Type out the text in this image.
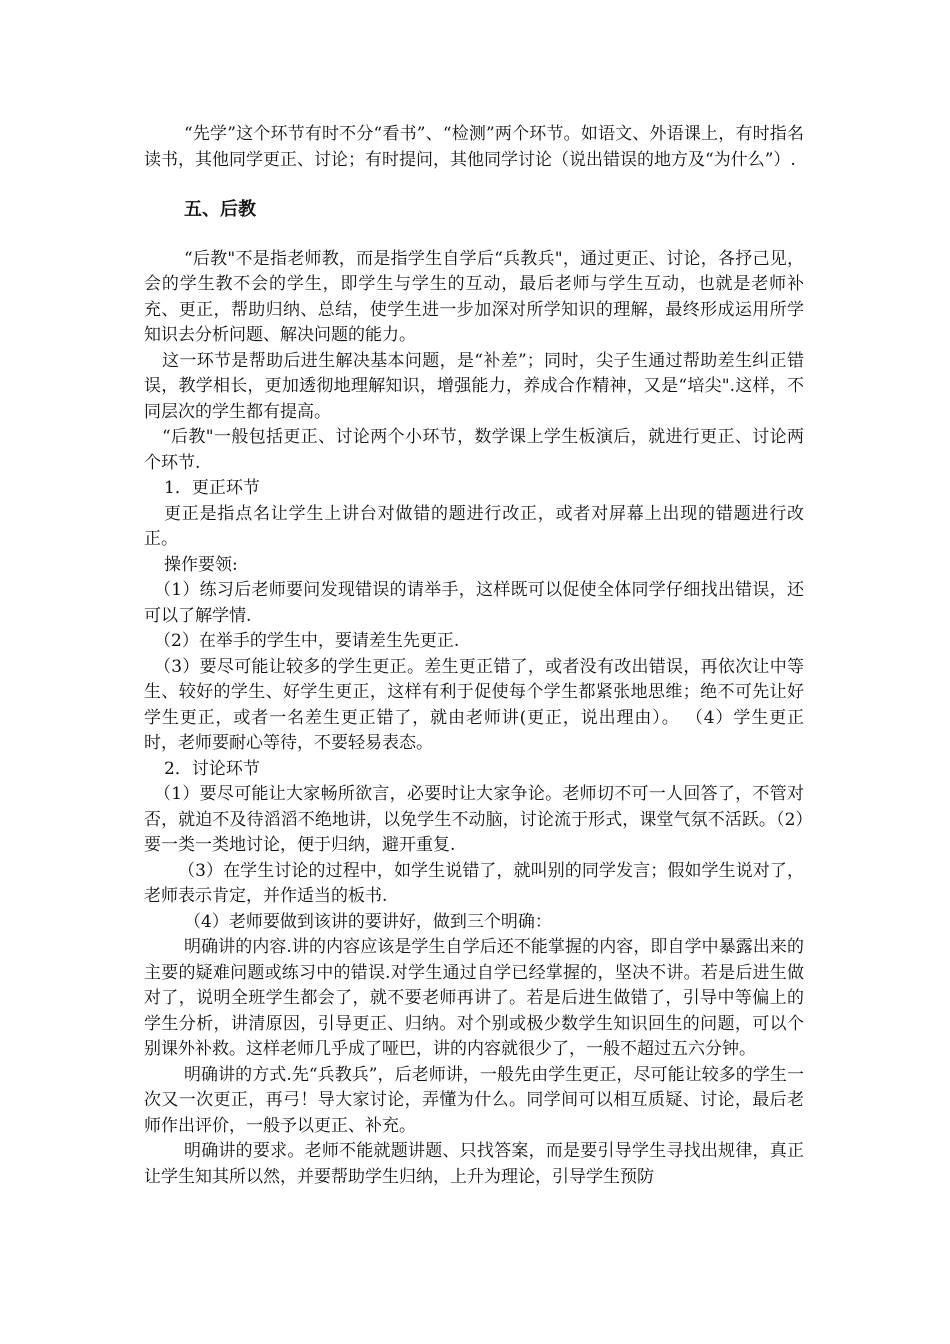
“先学”这个环节有时不分“看书”、“检测”两个环节。如语文、外语课上，有时指名读书，其他同学更正、讨论；有时提问，其他同学讨论（说出错误的地方及“为什么”）.

五、后教

“后教"不是指老师教，而是指学生自学后“兵教兵"，通过更正、讨论，各抒己见，会的学生教不会的学生，即学生与学生的互动，最后老师与学生互动，也就是老师补充、更正，帮助归纳、总结，使学生进一步加深对所学知识的理解，最终形成运用所学知识去分析问题、解决问题的能力。

这一环节是帮助后进生解决基本问题，是“补差”；同时，尖子生通过帮助差生纠正错误，教学相长，更加透彻地理解知识，增强能力，养成合作精神，又是“培尖".这样，不同层次的学生都有提高。

“后教"一般包括更正、讨论两个小环节，数学课上学生板演后，就进行更正、讨论两个环节.

1．更正环节

更正是指点名让学生上讲台对做错的题进行改正，或者对屏幕上出现的错题进行改正。

操作要领:

（1）练习后老师要问发现错误的请举手，这样既可以促使全体同学仔细找出错误，还可以了解学情.

（2）在举手的学生中，要请差生先更正.

（3）要尽可能让较多的学生更正。差生更正错了，或者没有改出错误，再依次让中等生、较好的学生、好学生更正，这样有利于促使每个学生都紧张地思维；绝不可先让好学生更正，或者一名差生更正错了，就由老师讲(更正，说出理由）。 （4）学生更正时，老师要耐心等待，不要轻易表态。

2．讨论环节

（1）要尽可能让大家畅所欲言，必要时让大家争论。老师切不可一人回答了，不管对否，就迫不及待滔滔不绝地讲，以免学生不动脑，讨论流于形式，课堂气氛不活跃。（2）要一类一类地讨论，便于归纳，避开重复.

（3）在学生讨论的过程中，如学生说错了，就叫别的同学发言；假如学生说对了，老师表示肯定，并作适当的板书.

（4）老师要做到该讲的要讲好，做到三个明确：

明确讲的内容.讲的内容应该是学生自学后还不能掌握的内容，即自学中暴露出来的主要的疑难问题或练习中的错误.对学生通过自学已经掌握的，坚决不讲。若是后进生做对了，说明全班学生都会了，就不要老师再讲了。若是后进生做错了，引导中等偏上的学生分析，讲清原因，引导更正、归纳。对个别或极少数学生知识回生的问题，可以个别课外补救。这样老师几乎成了哑巴，讲的内容就很少了，一般不超过五六分钟。

明确讲的方式.先“兵教兵”，后老师讲，一般先由学生更正，尽可能让较多的学生一次又一次更正，再弓！导大家讨论，弄懂为什么。同学间可以相互质疑、讨论，最后老师作出评价，一般予以更正、补充。

明确讲的要求。老师不能就题讲题、只找答案，而是要引导学生寻找出规律，真正让学生知其所以然，并要帮助学生归纳，上升为理论，引导学生预防
